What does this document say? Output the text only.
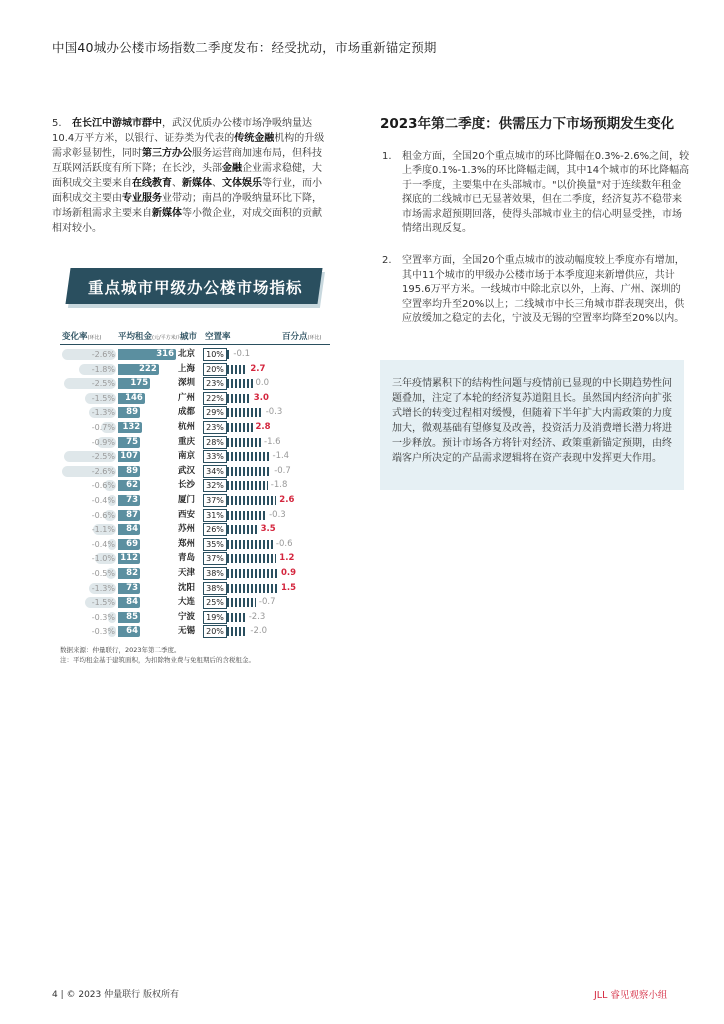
中国40城办公楼市场指数二季度发布：经受扰动，市场重新锚定预期
5. 在长江中游城市群中，武汉优质办公楼市场净吸纳量达
10.4万平方米，以银行、证券类为代表的传统金融机构的升级
需求彰显韧性，同时第三方办公服务运营商加速布局，但科技
互联网活跃度有所下降；在长沙，头部金融企业需求稳健，大
面积成交主要来自在线教育、新媒体、文体娱乐等行业，而小
面积成交主要由专业服务业带动；南昌的净吸纳量环比下降，
市场新租需求主要来自新媒体等小微企业，对成交面积的贡献
相对较小。
2023年第二季度：供需压力下市场预期发生变化
1.	租金方面，全国20个重点城市的环比降幅在0.3%-2.6%之间，较上季度0.1%-1.3%的环比降幅走阔，其中14个城市的环比降幅高于一季度，主要集中在头部城市。"以价换量"对于连续数年租金探底的二线城市已无显著效果，但在二季度，经济复苏不稳带来市场需求超预期回落，使得头部城市业主的信心明显受挫，市场情绪出现反复。
2.	空置率方面，全国20个重点城市的波动幅度较上季度亦有增加，其中11个城市的甲级办公楼市场于本季度迎来新增供应，共计195.6万平方米。一线城市中除北京以外，上海、广州、深圳的空置率均升至20%以上；二线城市中长三角城市群表现突出，供应放缓加之稳定的去化，宁波及无锡的空置率均降至20%以内。
三年疫情累积下的结构性问题与疫情前已显现的中长期趋势性问题叠加，注定了本轮的经济复苏道阻且长。虽然国内经济向扩张式增长的转变过程相对缓慢，但随着下半年扩大内需政策的力度加大，微观基础有望修复及改善，投资活力及消费增长潜力将进一步释放。预计市场各方将针对经济、政策重新锚定预期，由终端客户所决定的产品需求逻辑将在资产表现中发挥更大作用。
重点城市甲级办公楼市场指标
变化率(环比) 平均租金(元/平方米/月)
城市 空置率	百分点(环比)
-2.6%	316 北京	10%	-0.1
-1.8%	222	上海	20%	2.7
-2.5%	175	深圳	23%	0.0
-1.5%	146	广州	22%	3.0
-1.3%	89	成都	29%	-0.3
-0.7% 132	杭州	23%	2.8
-0.9%	75	重庆	28%	-1.6
-2.5% 107	南京	33%	-1.4
-2.6%	89	武汉	34%	-0.7
-0.6%	62	长沙	32%	-1.8
-0.4%	73	厦门	37%	2.6
-0.6%	87	西安	31%	-0.3
-1.1%	84	苏州	26%	3.5
-0.4%	69	郑州	35%	-0.6
-1.0% 112	青岛	37%	1.2
-0.5%	82	天津	38%	0.9
-1.3%	73	沈阳	38%	1.5
-1.5%	84	大连	25%	-0.7
-0.3%	85	宁波	19%	-2.3
-0.3%	64	无锡	20%	-2.0
数据来源：仲量联行，2023年第二季度。
注：平均租金基于建筑面积，为扣除物业费与免租期后的含税租金。
4 | © 2023 仲量联行 版权所有	JLL 睿见观察小组
